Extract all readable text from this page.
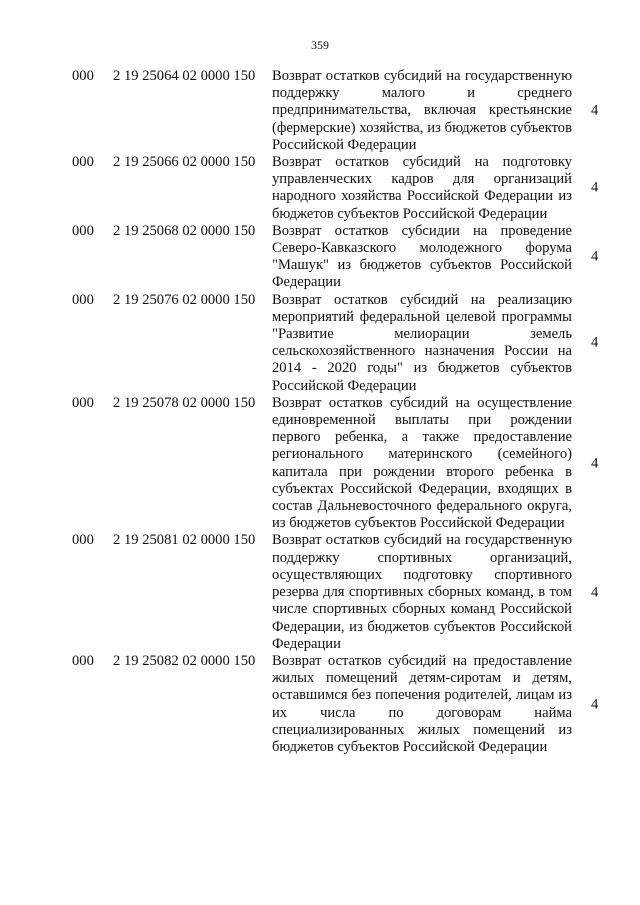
359
000 2 19 25064 02 0000 150 Возврат остатков субсидий на государственную поддержку малого и среднего предпринимательства, включая крестьянские (фермерские) хозяйства, из бюджетов субъектов Российской Федерации
4
000 2 19 25066 02 0000 150 Возврат остатков субсидий на подготовку управленческих кадров для организаций народного хозяйства Российской Федерации из бюджетов субъектов Российской Федерации
4
000 2 19 25068 02 0000 150 Возврат остатков субсидии на проведение Северо-Кавказского молодежного форума "Машук" из бюджетов субъектов Российской Федерации
4
000 2 19 25076 02 0000 150 Возврат остатков субсидий на реализацию мероприятий федеральной целевой программы "Развитие мелиорации земель сельскохозяйственного назначения России на 2014 - 2020 годы" из бюджетов субъектов Российской Федерации
4
000 2 19 25078 02 0000 150 Возврат остатков субсидий на осуществление единовременной выплаты при рождении первого ребенка, а также предоставление регионального материнского (семейного) капитала при рождении второго ребенка в субъектах Российской Федерации, входящих в состав Дальневосточного федерального округа, из бюджетов субъектов Российской Федерации
4
000 2 19 25081 02 0000 150 Возврат остатков субсидий на государственную поддержку спортивных организаций, осуществляющих подготовку спортивного резерва для спортивных сборных команд, в том числе спортивных сборных команд Российской Федерации, из бюджетов субъектов Российской Федерации
4
000 2 19 25082 02 0000 150 Возврат остатков субсидий на предоставление жилых помещений детям-сиротам и детям, оставшимся без попечения родителей, лицам из их числа по договорам найма специализированных жилых помещений из бюджетов субъектов Российской Федерации
4
